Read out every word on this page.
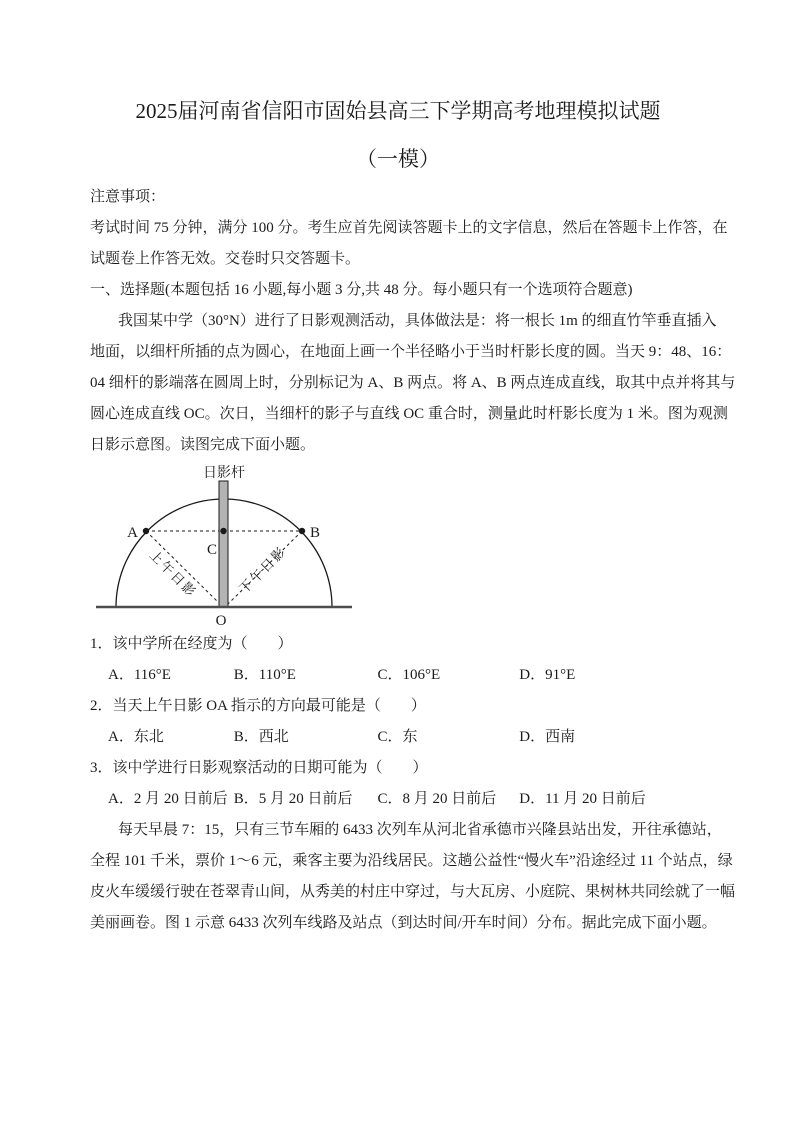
2025届河南省信阳市固始县高三下学期高考地理模拟试题
（一模）
注意事项：
考试时间 75 分钟，满分 100 分。考生应首先阅读答题卡上的文字信息，然后在答题卡上作答，在
试题卷上作答无效。交卷时只交答题卡。
一、选择题(本题包括 16 小题,每小题 3 分,共 48 分。每小题只有一个选项符合题意)
我国某中学（30°N）进行了日影观测活动，具体做法是：将一根长 1m 的细直竹竿垂直插入
地面，以细杆所插的点为圆心，在地面上画一个半径略小于当时杆影长度的圆。当天 9：48、16：
04 细杆的影端落在圆周上时，分别标记为 A、B 两点。将 A、B 两点连成直线，取其中点并将其与
圆心连成直线 OC。次日，当细杆的影子与直线 OC 重合时，测量此时杆影长度为 1 米。图为观测
日影示意图。读图完成下面小题。
日影杆
A	B
C
O
上午日影	下午日影
1．该中学所在经度为（　　）
A．116°E	B．110°E	C．106°E	D．91°E
2．当天上午日影 OA 指示的方向最可能是（　　）
A．东北	B．西北	C．东	D．西南
3．该中学进行日影观察活动的日期可能为（　　）
A．2 月 20 日前后 B．5 月 20 日前后 C．8 月 20 日前后 D．11 月 20 日前后
每天早晨 7：15，只有三节车厢的 6433 次列车从河北省承德市兴隆县站出发，开往承德站，
全程 101 千米，票价 1～6 元，乘客主要为沿线居民。这趟公益性“慢火车”沿途经过 11 个站点，绿
皮火车缓缓行驶在苍翠青山间，从秀美的村庄中穿过，与大瓦房、小庭院、果树林共同绘就了一幅
美丽画卷。图 1 示意 6433 次列车线路及站点（到达时间/开车时间）分布。据此完成下面小题。
